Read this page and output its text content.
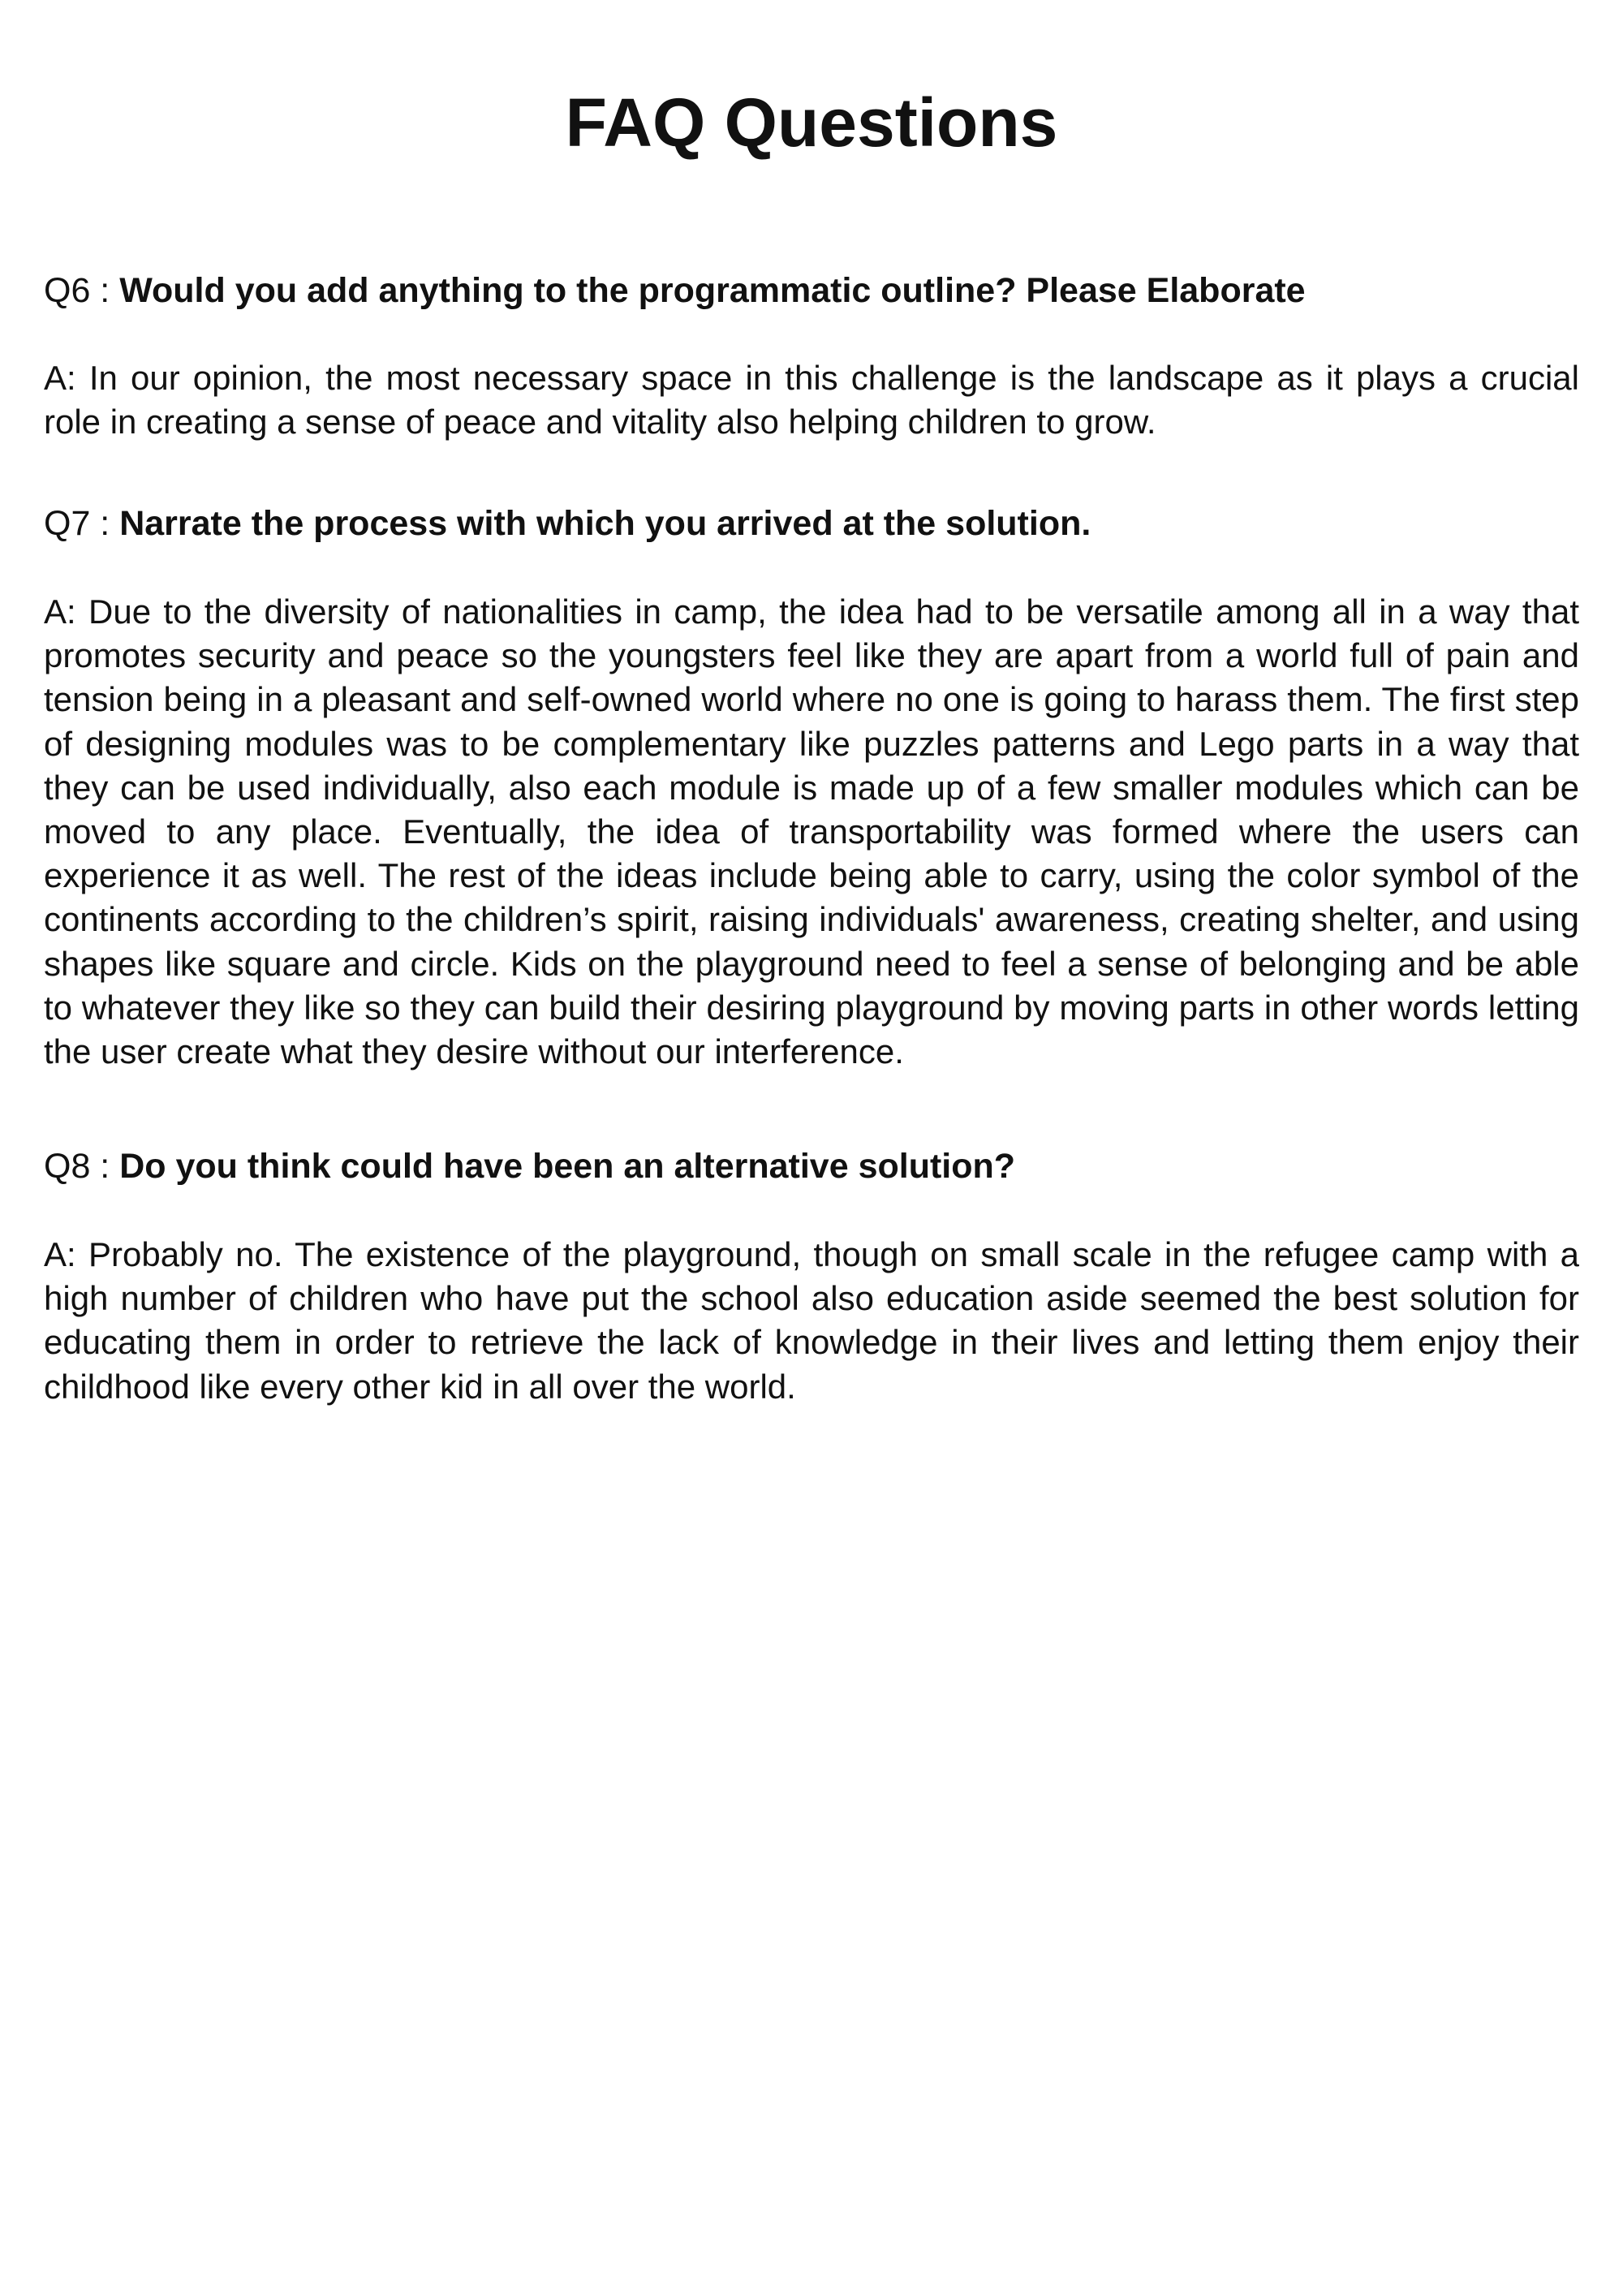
FAQ Questions

Q6 : Would you add anything to the programmatic outline? Please Elaborate

A: In our opinion, the most necessary space in this challenge is the landscape as it plays a crucial role in creating a sense of peace and vitality also helping children to grow.

Q7 : Narrate the process with which you arrived at the solution.

A: Due to the diversity of nationalities in camp, the idea had to be versatile among all in a way that promotes security and peace so the youngsters feel like they are apart from a world full of pain and tension being in a pleasant and self-owned world where no one is going to harass them. The first step of designing modules was to be complementary like puzzles patterns and Lego parts in a way that they can be used individually, also each module is made up of a few smaller modules which can be moved to any place. Eventually, the idea of transportability was formed where the users can experience it as well. The rest of the ideas include being able to carry, using the color symbol of the continents according to the children’s spirit, raising individuals' awareness, creating shelter, and using shapes like square and circle. Kids on the playground need to feel a sense of belonging and be able to whatever they like so they can build their desiring playground by moving parts in other words letting the user create what they desire without our interference.

Q8 : Do you think could have been an alternative solution?

A: Probably no. The existence of the playground, though on small scale in the refugee camp with a high number of children who have put the school also education aside seemed the best solution for educating them in order to retrieve the lack of knowledge in their lives and letting them enjoy their childhood like every other kid in all over the world.
